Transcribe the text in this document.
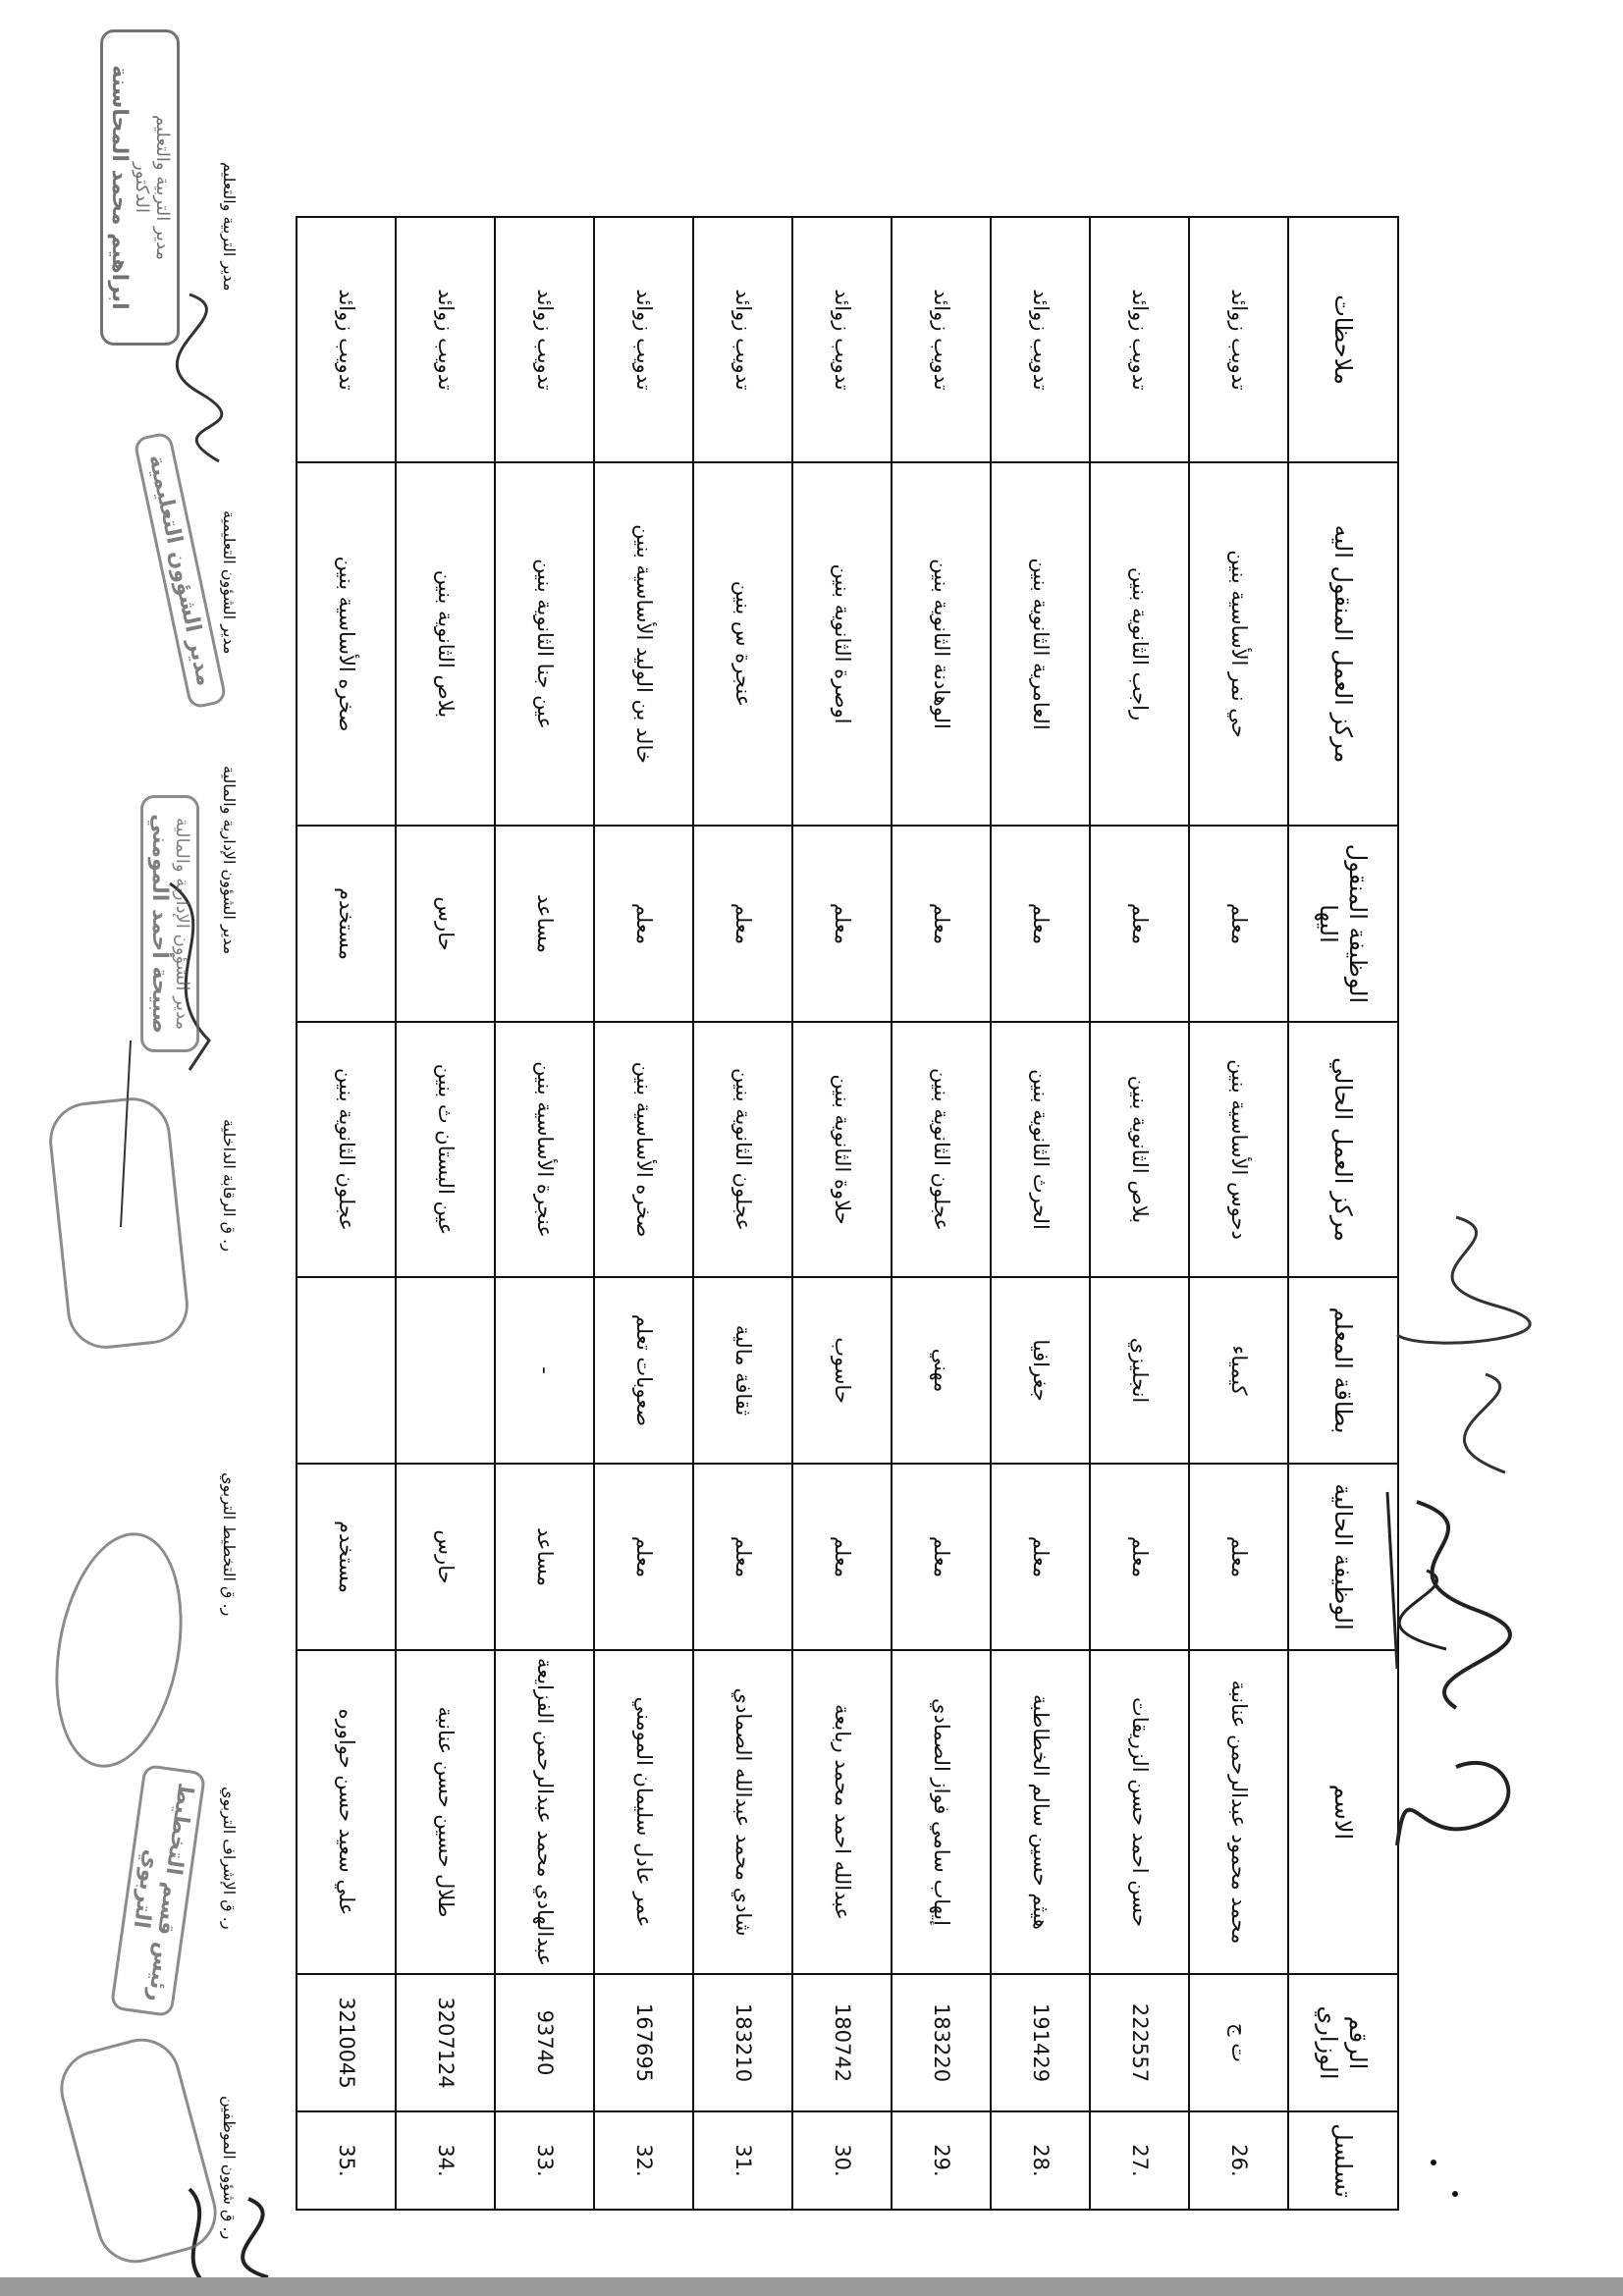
تسلسل	الرقم الوزاري	الاسم	الوظيفة الحالية	بطاقة المعلم	مركز العمل الحالي	الوظيفة المنقول اليها	مركز العمل المنقول اليه	ملاحظات
.26	ت ج	محمد محمود عبدالرحمن عنانبة	معلم	كيمياء	دحوس الأساسية بنين	معلم	حي نمر الأساسية بنين	تدويب زوائد
.27	222557	حسن احمد حسن الزريقات	معلم	انجليزي	بلاص الثانوية بنين	معلم	راجب الثانوية بنين	تدويب زوائد
.28	191429	هيثم حسين سالم الخطاطبة	معلم	جغرافيا	الحرث الثانوية بنين	معلم	العامرية الثانوية بنين	تدويب زوائد
.29	183220	إيهاب سامي فواز الصمادي	معلم	مهني	عجلون الثانوية بنين	معلم	الوهادنة الثانوية بنين	تدويب زوائد
.30	180742	عبدالله احمد محمد ربابعة	معلم	حاسوب	حلاوة الثانوية بنين	معلم	اوصرة الثانوية بنين	تدويب زوائد
.31	183210	شادي محمد عبدالله الصمادي	معلم	ثقافة مالية	عجلون الثانوية بنين	معلم	عنجرة س بنين	تدويب زوائد
.32	167695	عمر عادل سليمان المومني	معلم	صعوبات تعلم	صخره الأساسية بنين	معلم	خالد بن الوليد الأساسية بنين	تدويب زوائد
.33	93740	عبدالهادي محمد عبدالرحمن الفزايعة	مساعد	-	عنجرة الأساسية بنين	مساعد	عين جنا الثانوية بنين	تدويب زوائد
.34	3207124	طلال حسين حسن عنانبة	حارس		عين البستان ث بنين	حارس	بلاص الثانوية بنين	تدويب زوائد
.35	3210045	علي سعيد حسن حواوره	مستخدم		عجلون الثانوية بنين	مستخدم	صخره الأساسية بنين	تدويب زوائد
ر. ق شؤون الموظفين
ر. ق الإشراف التربوي
ر. ق التخطيط التربوي
ر. ق الرقابة الداخلية
مدير الشؤون الإدارية والمالية
مدير الشؤون التعليمية
مدير التربية والتعليم
مدير الشؤون الإدارية والمالية
صبيحة أحمد المومني
مدير التربية والتعليم
الدكتور
ابراهيم محمد المحاسنة
مدير الشؤون التعليمية
رئيس قسم التخطيط التربوي
